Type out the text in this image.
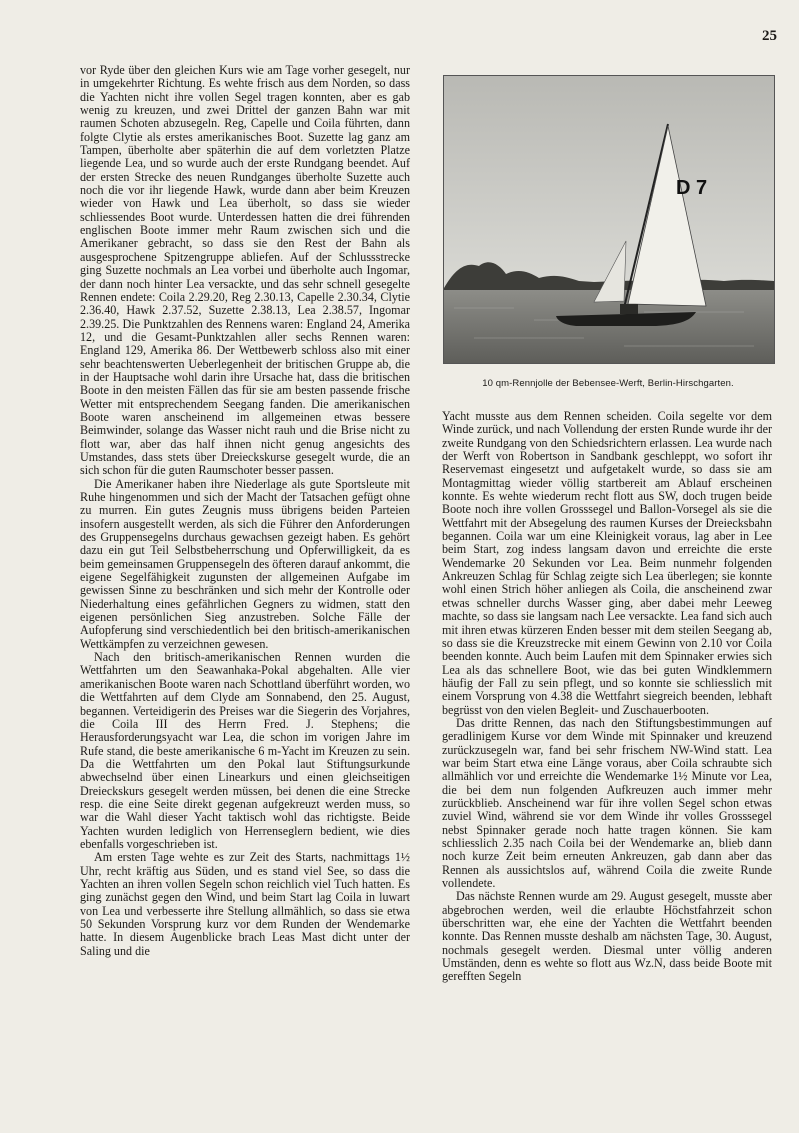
25

vor Ryde über den gleichen Kurs wie am Tage vorher gesegelt, nur in umgekehrter Richtung. Es wehte frisch aus dem Norden, so dass die Yachten nicht ihre vollen Segel tragen konnten, aber es gab wenig zu kreuzen, und zwei Drittel der ganzen Bahn war mit raumen Schoten abzusegeln. Reg, Capelle und Coila führten, dann folgte Clytie als erstes amerikanisches Boot. Suzette lag ganz am Tampen, überholte aber späterhin die auf dem vorletzten Platze liegende Lea, und so wurde auch der erste Rundgang beendet. Auf der ersten Strecke des neuen Rundganges überholte Suzette auch noch die vor ihr liegende Hawk, wurde dann aber beim Kreuzen wieder von Hawk und Lea überholt, so dass sie wieder schliessendes Boot wurde. Unterdessen hatten die drei führenden englischen Boote immer mehr Raum zwischen sich und die Amerikaner gebracht, so dass sie den Rest der Bahn als ausgesprochene Spitzengruppe abliefen. Auf der Schlussstrecke ging Suzette nochmals an Lea vorbei und überholte auch Ingomar, der dann noch hinter Lea versackte, und das sehr schnell gesegelte Rennen endete: Coila 2.29.20, Reg 2.30.13, Capelle 2.30.34, Clytie 2.36.40, Hawk 2.37.52, Suzette 2.38.13, Lea 2.38.57, Ingomar 2.39.25. Die Punktzahlen des Rennens waren: England 24, Amerika 12, und die Gesamt-Punktzahlen aller sechs Rennen waren: England 129, Amerika 86. Der Wettbewerb schloss also mit einer sehr beachtenswerten Ueberlegenheit der britischen Gruppe ab, die in der Hauptsache wohl darin ihre Ursache hat, dass die britischen Boote in den meisten Fällen das für sie am besten passende frische Wetter mit entsprechendem Seegang fanden. Die amerikanischen Boote waren anscheinend im allgemeinen etwas bessere Beimwinder, solange das Wasser nicht rauh und die Brise nicht zu flott war, aber das half ihnen nicht genug angesichts des Umstandes, dass stets über Dreieckskurse gesegelt wurde, die an sich schon für die guten Raumschoter besser passen.

Die Amerikaner haben ihre Niederlage als gute Sportsleute mit Ruhe hingenommen und sich der Macht der Tatsachen gefügt ohne zu murren. Ein gutes Zeugnis muss übrigens beiden Parteien insofern ausgestellt werden, als sich die Führer den Anforderungen des Gruppensegelns durchaus gewachsen gezeigt haben. Es gehört dazu ein gut Teil Selbstbeherrschung und Opferwilligkeit, da es beim gemeinsamen Gruppensegeln des öfteren darauf ankommt, die eigene Segelfähigkeit zugunsten der allgemeinen Aufgabe im gewissen Sinne zu beschränken und sich mehr der Kontrolle oder Niederhaltung eines gefährlichen Gegners zu widmen, statt den eigenen persönlichen Sieg anzustreben. Solche Fälle der Aufopferung sind verschiedentlich bei den britisch-amerikanischen Wettkämpfen zu verzeichnen gewesen.

Nach den britisch-amerikanischen Rennen wurden die Wettfahrten um den Seawanhaka-Pokal abgehalten. Alle vier amerikanischen Boote waren nach Schottland überführt worden, wo die Wettfahrten auf dem Clyde am Sonnabend, den 25. August, begannen. Verteidigerin des Preises war die Siegerin des Vorjahres, die Coila III des Herrn Fred. J. Stephens; die Herausforderungsyacht war Lea, die schon im vorigen Jahre im Rufe stand, die beste amerikanische 6 m-Yacht im Kreuzen zu sein. Da die Wettfahrten um den Pokal laut Stiftungsurkunde abwechselnd über einen Linearkurs und einen gleichseitigen Dreieckskurs gesegelt werden müssen, bei denen die eine Strecke resp. die eine Seite direkt gegenan aufgekreuzt werden muss, so war die Wahl dieser Yacht taktisch wohl das richtigste. Beide Yachten wurden lediglich von Herrenseglern bedient, wie dies ebenfalls vorgeschrieben ist.

Am ersten Tage wehte es zur Zeit des Starts, nachmittags 1½ Uhr, recht kräftig aus Süden, und es stand viel See, so dass die Yachten an ihren vollen Segeln schon reichlich viel Tuch hatten. Es ging zunächst gegen den Wind, und beim Start lag Coila in luwart von Lea und verbesserte ihre Stellung allmählich, so dass sie etwa 50 Sekunden Vorsprung kurz vor dem Runden der Wendemarke hatte. In diesem Augenblicke brach Leas Mast dicht unter der Saling und die

D 7
10 qm-Rennjolle der Bebensee-Werft, Berlin-Hirschgarten.

Yacht musste aus dem Rennen scheiden. Coila segelte vor dem Winde zurück, und nach Vollendung der ersten Runde wurde ihr der zweite Rundgang von den Schiedsrichtern erlassen. Lea wurde nach der Werft von Robertson in Sandbank geschleppt, wo sofort ihr Reservemast eingesetzt und aufgetakelt wurde, so dass sie am Montagmittag wieder völlig startbereit am Ablauf erscheinen konnte. Es wehte wiederum recht flott aus SW, doch trugen beide Boote noch ihre vollen Grosssegel und Ballon-Vorsegel als sie die Wettfahrt mit der Absegelung des raumen Kurses der Dreiecksbahn begannen. Coila war um eine Kleinigkeit voraus, lag aber in Lee beim Start, zog indess langsam davon und erreichte die erste Wendemarke 20 Sekunden vor Lea. Beim nunmehr folgenden Ankreuzen Schlag für Schlag zeigte sich Lea überlegen; sie konnte wohl einen Strich höher anliegen als Coila, die anscheinend zwar etwas schneller durchs Wasser ging, aber dabei mehr Leeweg machte, so dass sie langsam nach Lee versackte. Lea fand sich auch mit ihren etwas kürzeren Enden besser mit dem steilen Seegang ab, so dass sie die Kreuzstrecke mit einem Gewinn von 2.10 vor Coila beenden konnte. Auch beim Laufen mit dem Spinnaker erwies sich Lea als das schnellere Boot, wie das bei guten Windklemmern häufig der Fall zu sein pflegt, und so konnte sie schliesslich mit einem Vorsprung von 4.38 die Wettfahrt siegreich beenden, lebhaft begrüsst von den vielen Begleit- und Zuschauerbooten.

Das dritte Rennen, das nach den Stiftungsbestimmungen auf geradlinigem Kurse vor dem Winde mit Spinnaker und kreuzend zurückzusegeln war, fand bei sehr frischem NW-Wind statt. Lea war beim Start etwa eine Länge voraus, aber Coila schraubte sich allmählich vor und erreichte die Wendemarke 1½ Minute vor Lea, die bei dem nun folgenden Aufkreuzen auch immer mehr zurückblieb. Anscheinend war für ihre vollen Segel schon etwas zuviel Wind, während sie vor dem Winde ihr volles Grosssegel nebst Spinnaker gerade noch hatte tragen können. Sie kam schliesslich 2.35 nach Coila bei der Wendemarke an, blieb dann noch kurze Zeit beim erneuten Ankreuzen, gab dann aber das Rennen als aussichtslos auf, während Coila die zweite Runde vollendete.

Das nächste Rennen wurde am 29. August gesegelt, musste aber abgebrochen werden, weil die erlaubte Höchstfahrzeit schon überschritten war, ehe eine der Yachten die Wettfahrt beenden konnte. Das Rennen musste deshalb am nächsten Tage, 30. August, nochmals gesegelt werden. Diesmal unter völlig anderen Umständen, denn es wehte so flott aus Wz.N, dass beide Boote mit gerefften Segeln
